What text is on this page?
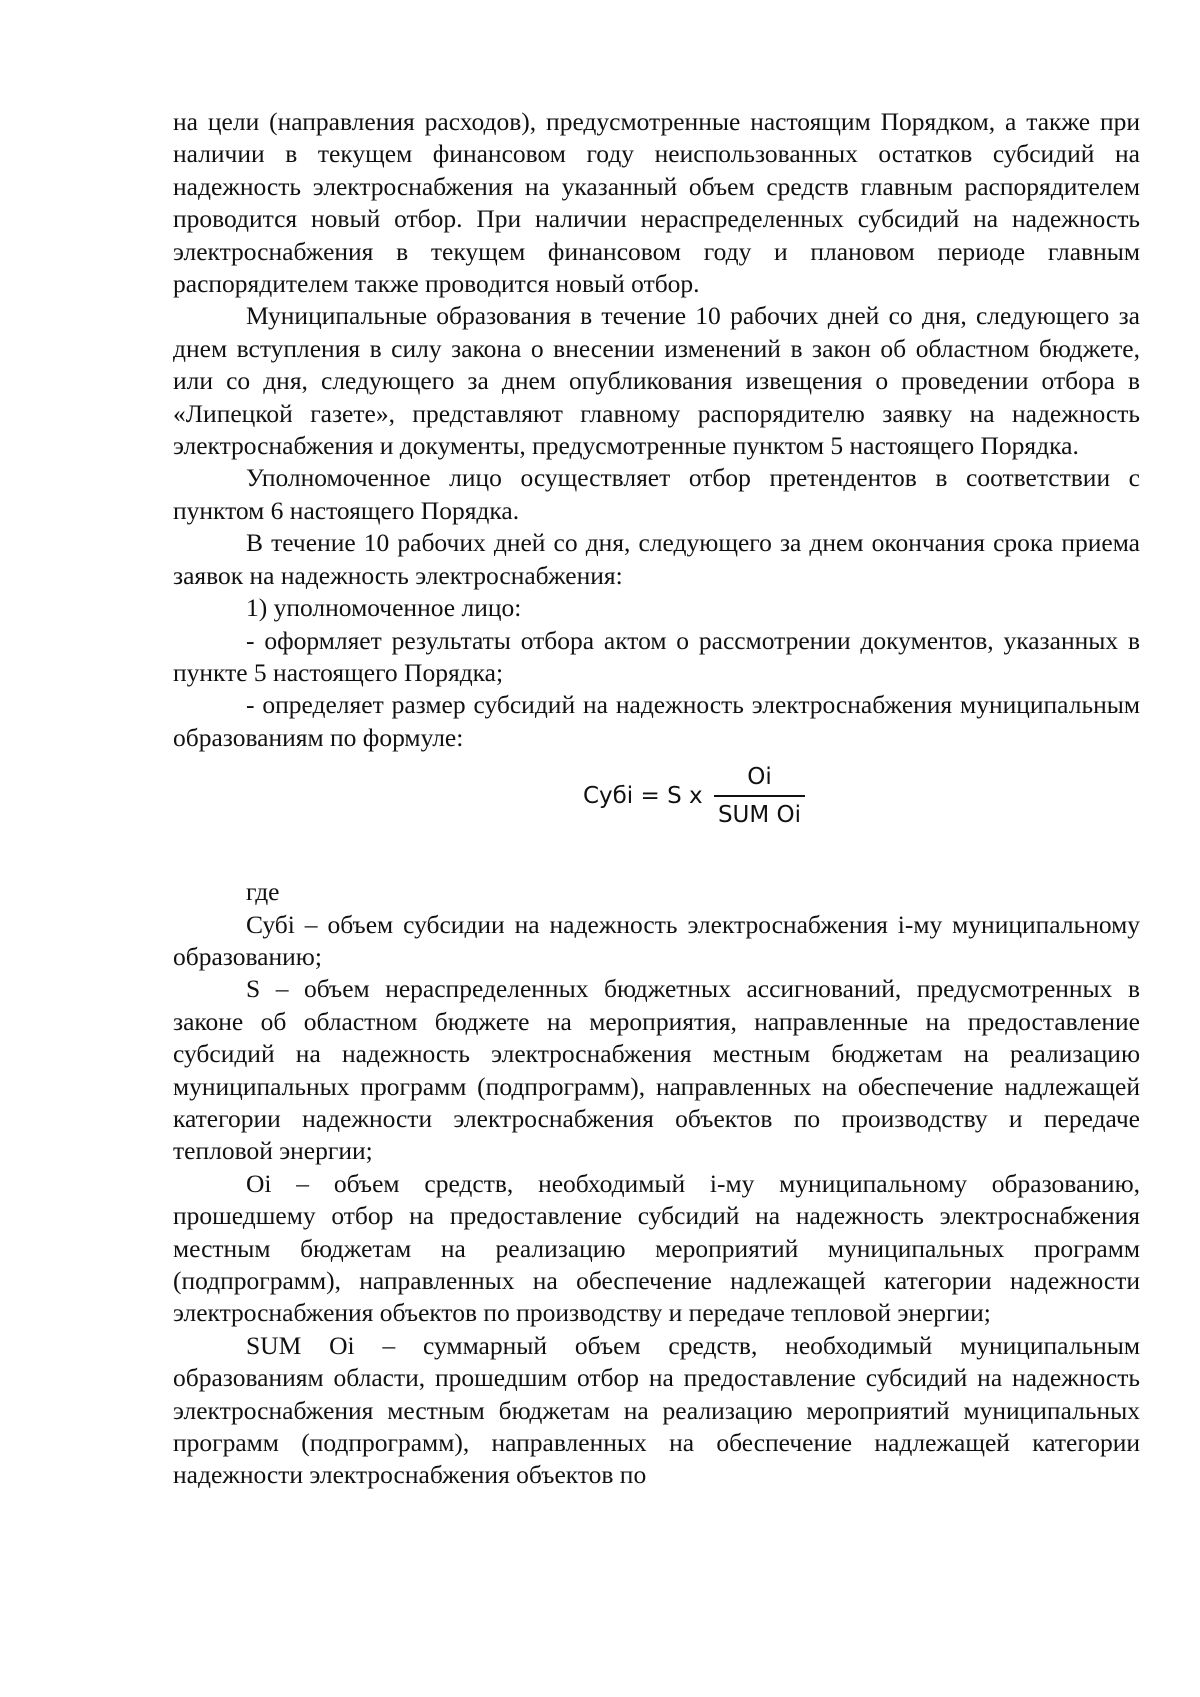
на цели (направления расходов), предусмотренные настоящим Порядком, а также при наличии в текущем финансовом году неиспользованных остатков субсидий на надежность электроснабжения на указанный объем средств главным распорядителем проводится новый отбор. При наличии нераспределенных субсидий на надежность электроснабжения в текущем финансовом году и плановом периоде главным распорядителем также проводится новый отбор.

Муниципальные образования в течение 10 рабочих дней со дня, следующего за днем вступления в силу закона о внесении изменений в закон об областном бюджете, или со дня, следующего за днем опубликования извещения о проведении отбора в «Липецкой газете», представляют главному распорядителю заявку на надежность электроснабжения и документы, предусмотренные пунктом 5 настоящего Порядка.

Уполномоченное лицо осуществляет отбор претендентов в соответствии с пунктом 6 настоящего Порядка.

В течение 10 рабочих дней со дня, следующего за днем окончания срока приема заявок на надежность электроснабжения:

1) уполномоченное лицо:

- оформляет результаты отбора актом о рассмотрении документов, указанных в пункте 5 настоящего Порядка;

- определяет размер субсидий на надежность электроснабжения муниципальным образованиям по формуле:

Субi = S x $\frac{Oi}{\text{SUM Oi}}$

где

Субi – объем субсидии на надежность электроснабжения i-му муниципальному образованию;

S – объем нераспределенных бюджетных ассигнований, предусмотренных в законе об областном бюджете на мероприятия, направленные на предоставление субсидий на надежность электроснабжения местным бюджетам на реализацию муниципальных программ (подпрограмм), направленных на обеспечение надлежащей категории надежности электроснабжения объектов по производству и передаче тепловой энергии;

Oi – объем средств, необходимый i-му муниципальному образованию, прошедшему отбор на предоставление субсидий на надежность электроснабжения местным бюджетам на реализацию мероприятий муниципальных программ (подпрограмм), направленных на обеспечение надлежащей категории надежности электроснабжения объектов по производству и передаче тепловой энергии;

SUM Oi – суммарный объем средств, необходимый муниципальным образованиям области, прошедшим отбор на предоставление субсидий на надежность электроснабжения местным бюджетам на реализацию мероприятий муниципальных программ (подпрограмм), направленных на обеспечение надлежащей категории надежности электроснабжения объектов по
